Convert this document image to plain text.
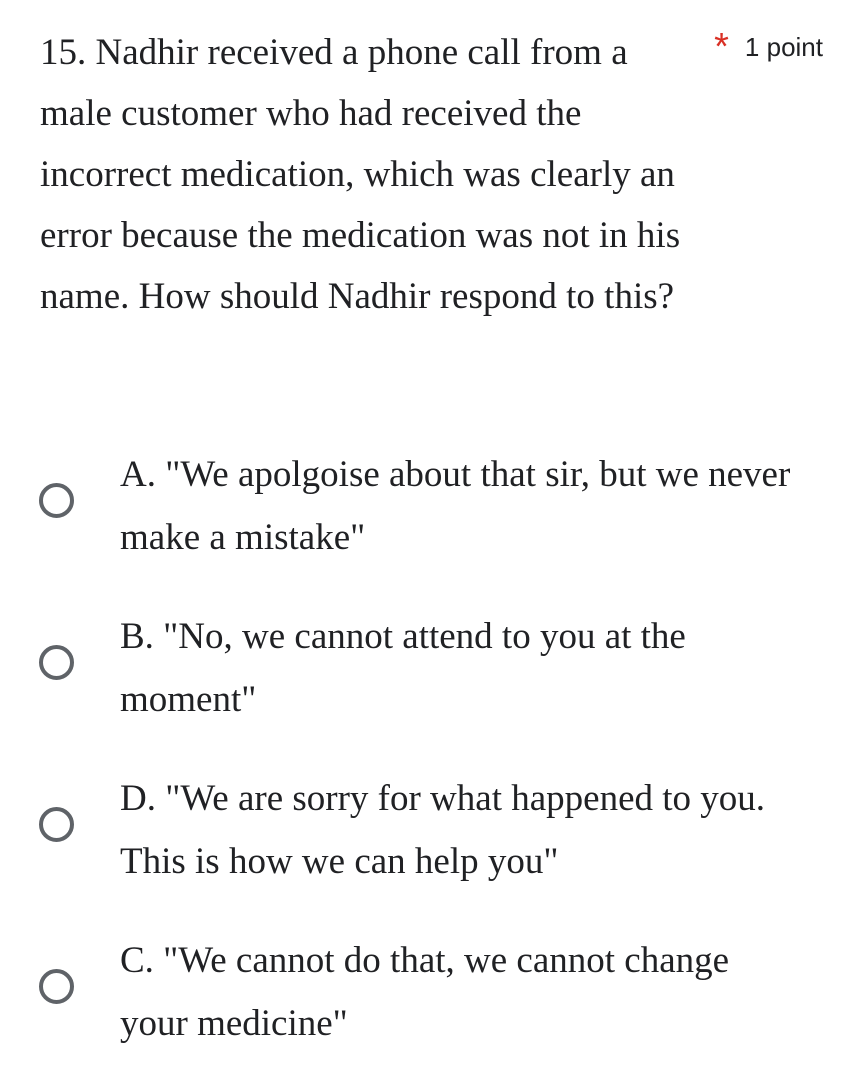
15. Nadhir received a phone call from a male customer who had received the incorrect medication, which was clearly an error because the medication was not in his name. How should Nadhir respond to this?

* 1 point
A. "We apolgoise about that sir, but we never make a mistake"
B. "No, we cannot attend to you at the moment"
D. "We are sorry for what happened to you. This is how we can help you"
C. "We cannot do that, we cannot change your medicine"
